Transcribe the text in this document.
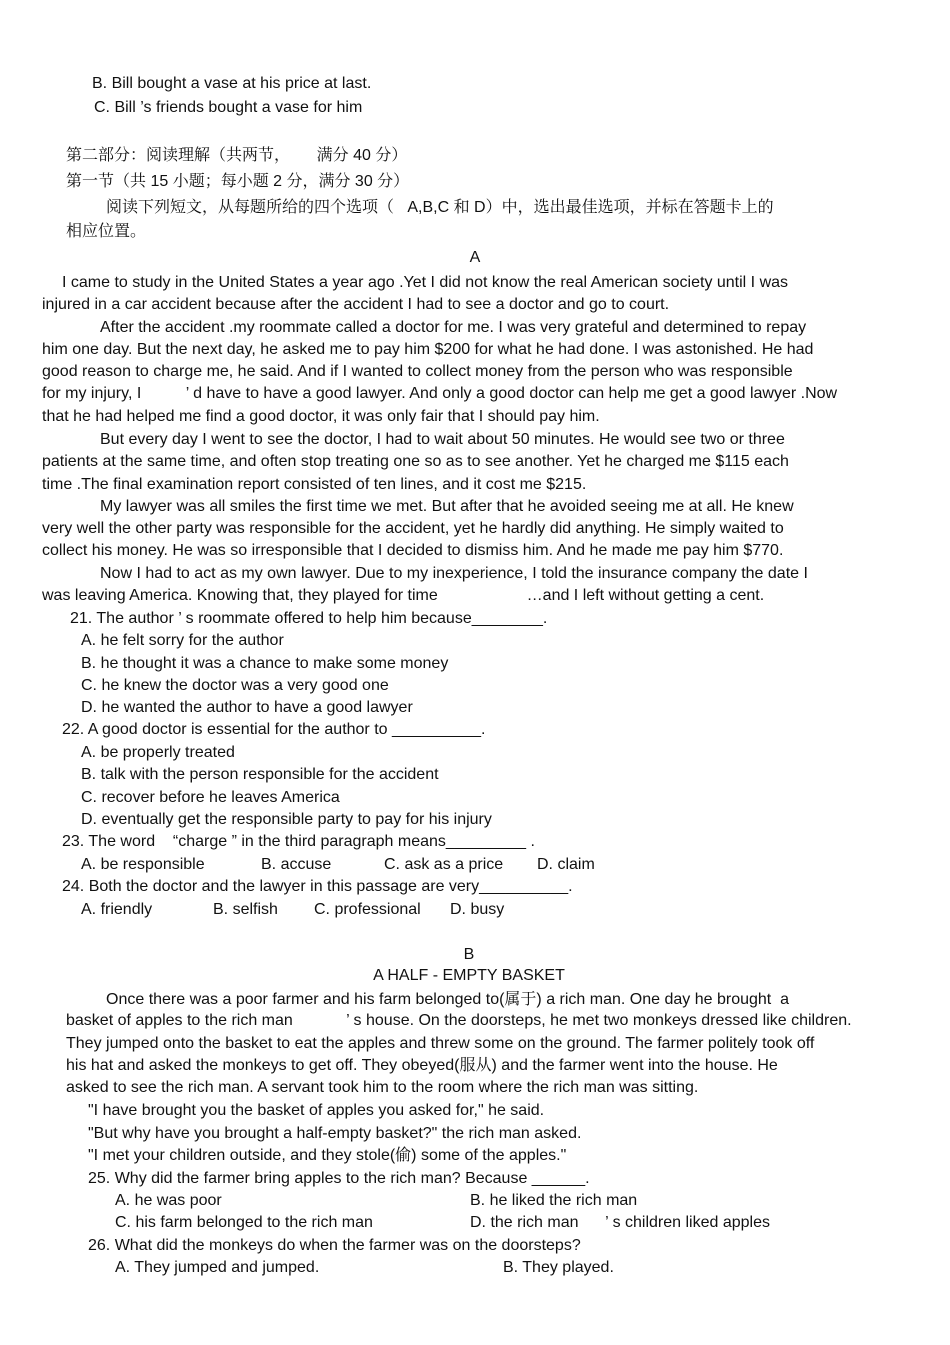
B. Bill bought a vase at his price at last.

C. Bill ’s friends bought a vase for him

第二部分：阅读理解（共两节，      满分 40 分）

第一节（共 15 小题；每小题 2 分，满分 30 分）

阅读下列短文，从每题所给的四个选项（   A,B,C 和 D）中，选出最佳选项，并标在答题卡上的

相应位置。

A

I came to study in the United States a year ago .Yet I did not know the real American society until I was

injured in a car accident because after the accident I had to see a doctor and go to court.

After the accident .my roommate called a doctor for me. I was very grateful and determined to repay

him one day. But the next day, he asked me to pay him $200 for what he had done. I was astonished. He had

good reason to charge me, he said. And if I wanted to collect money from the person who was responsible

for my injury, I          ’ d have to have a good lawyer. And only a good doctor can help me get a good lawyer .Now

that he had helped me find a good doctor, it was only fair that I should pay him.

But every day I went to see the doctor, I had to wait about 50 minutes. He would see two or three

patients at the same time, and often stop treating one so as to see another. Yet he charged me $115 each

time .The final examination report consisted of ten lines, and it cost me $215.

My lawyer was all smiles the first time we met. But after that he avoided seeing me at all. He knew

very well the other party was responsible for the accident, yet he hardly did anything. He simply waited to

collect his money. He was so irresponsible that I decided to dismiss him. And he made me pay him $770.

Now I had to act as my own lawyer. Due to my inexperience, I told the insurance company the date I

was leaving America. Knowing that, they played for time                    …and I left without getting a cent.

21. The author ’ s roommate offered to help him because________.

A. he felt sorry for the author

B. he thought it was a chance to make some money

C. he knew the doctor was a very good one

D. he wanted the author to have a good lawyer

22. A good doctor is essential for the author to __________.

A. be properly treated

B. talk with the person responsible for the accident

C. recover before he leaves America

D. eventually get the responsible party to pay for his injury

23. The word    “charge ” in the third paragraph means_________ .

A. be responsible	B. accuse	C. ask as a price D. claim

24. Both the doctor and the lawyer in this passage are very__________.

A. friendly	B. selfish C. professional D. busy

B

A HALF - EMPTY BASKET

Once there was a poor farmer and his farm belonged to(属于) a rich man. One day he brought  a

basket of apples to the rich man            ’ s house. On the doorsteps, he met two monkeys dressed like children.

They jumped onto the basket to eat the apples and threw some on the ground. The farmer politely took off

his hat and asked the monkeys to get off. They obeyed(服从) and the farmer went into the house. He

asked to see the rich man. A servant took him to the room where the rich man was sitting.

"I have brought you the basket of apples you asked for," he said.

"But why have you brought a half-empty basket?" the rich man asked.

"I met your children outside, and they stole(偷) some of the apples."

25. Why did the farmer bring apples to the rich man? Because ______.

A. he was poor	B. he liked the rich man

C. his farm belonged to the rich man	D. the rich man      ’ s children liked apples

26. What did the monkeys do when the farmer was on the doorsteps?

A. They jumped and jumped.	B. They played.
